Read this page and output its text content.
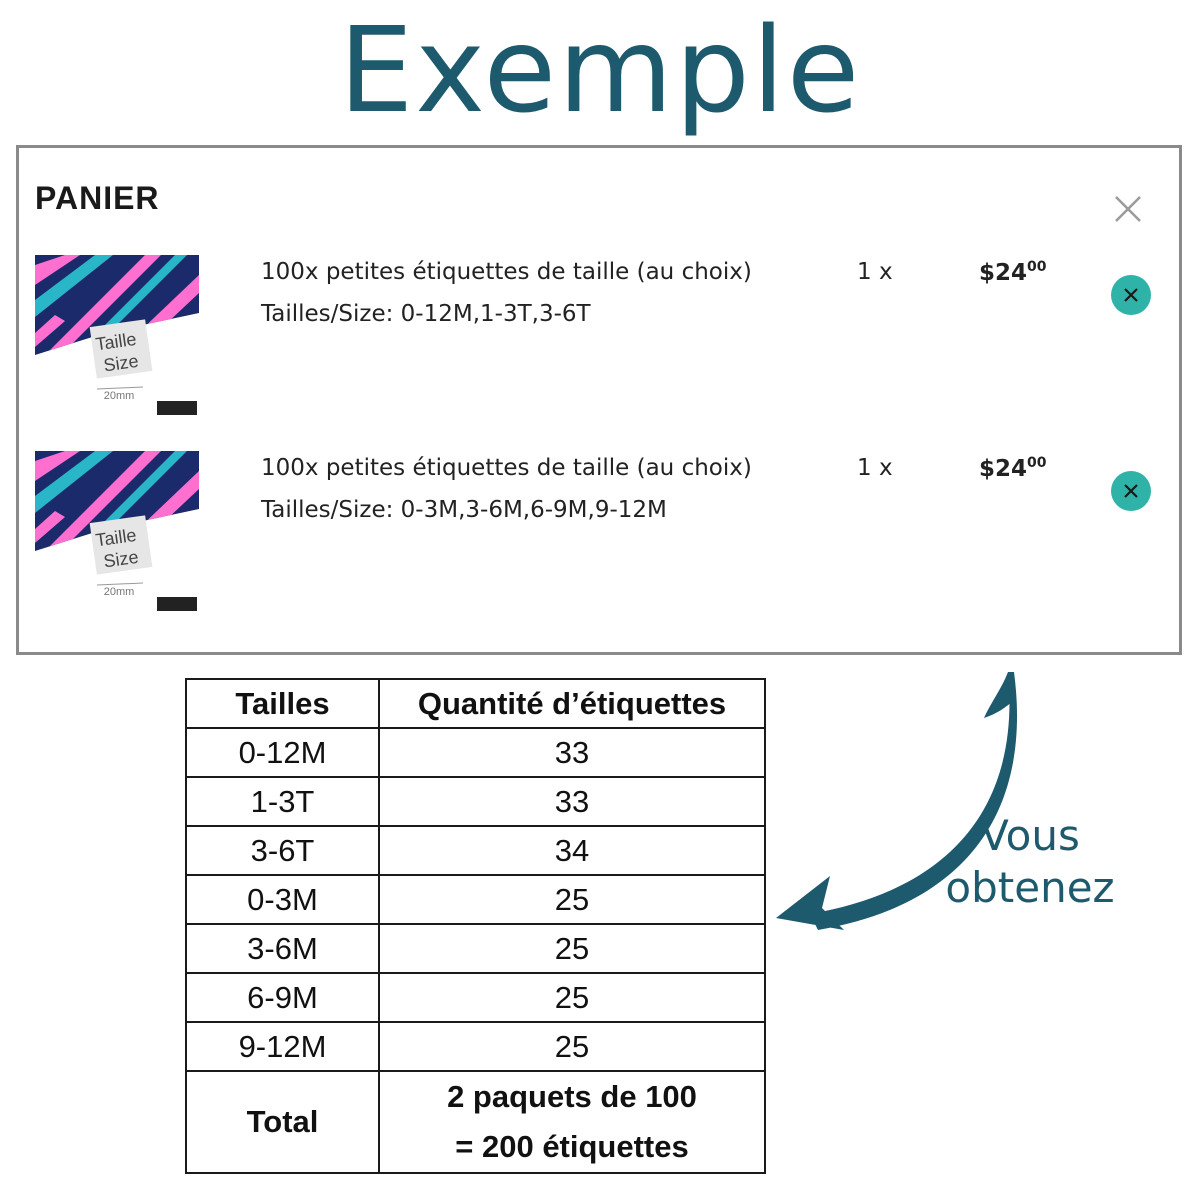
Exemple
PANIER
Taille
Size
20mm
100x petites étiquettes de taille (au choix)
Tailles/Size: 0-12M,1-3T,3-6T
1 x	$\$24^{00}$
Taille
Size
20mm
100x petites étiquettes de taille (au choix)
Tailles/Size: 0-3M,3-6M,6-9M,9-12M
1 x	$\$24^{00}$
Tailles	Quantité d’étiquettes
0-12M	33
1-3T	33
3-6T	34
0-3M	25
3-6M	25
6-9M	25
9-12M	25
Total	2 paquets de 100
= 200 étiquettes
Vous
obtenez
